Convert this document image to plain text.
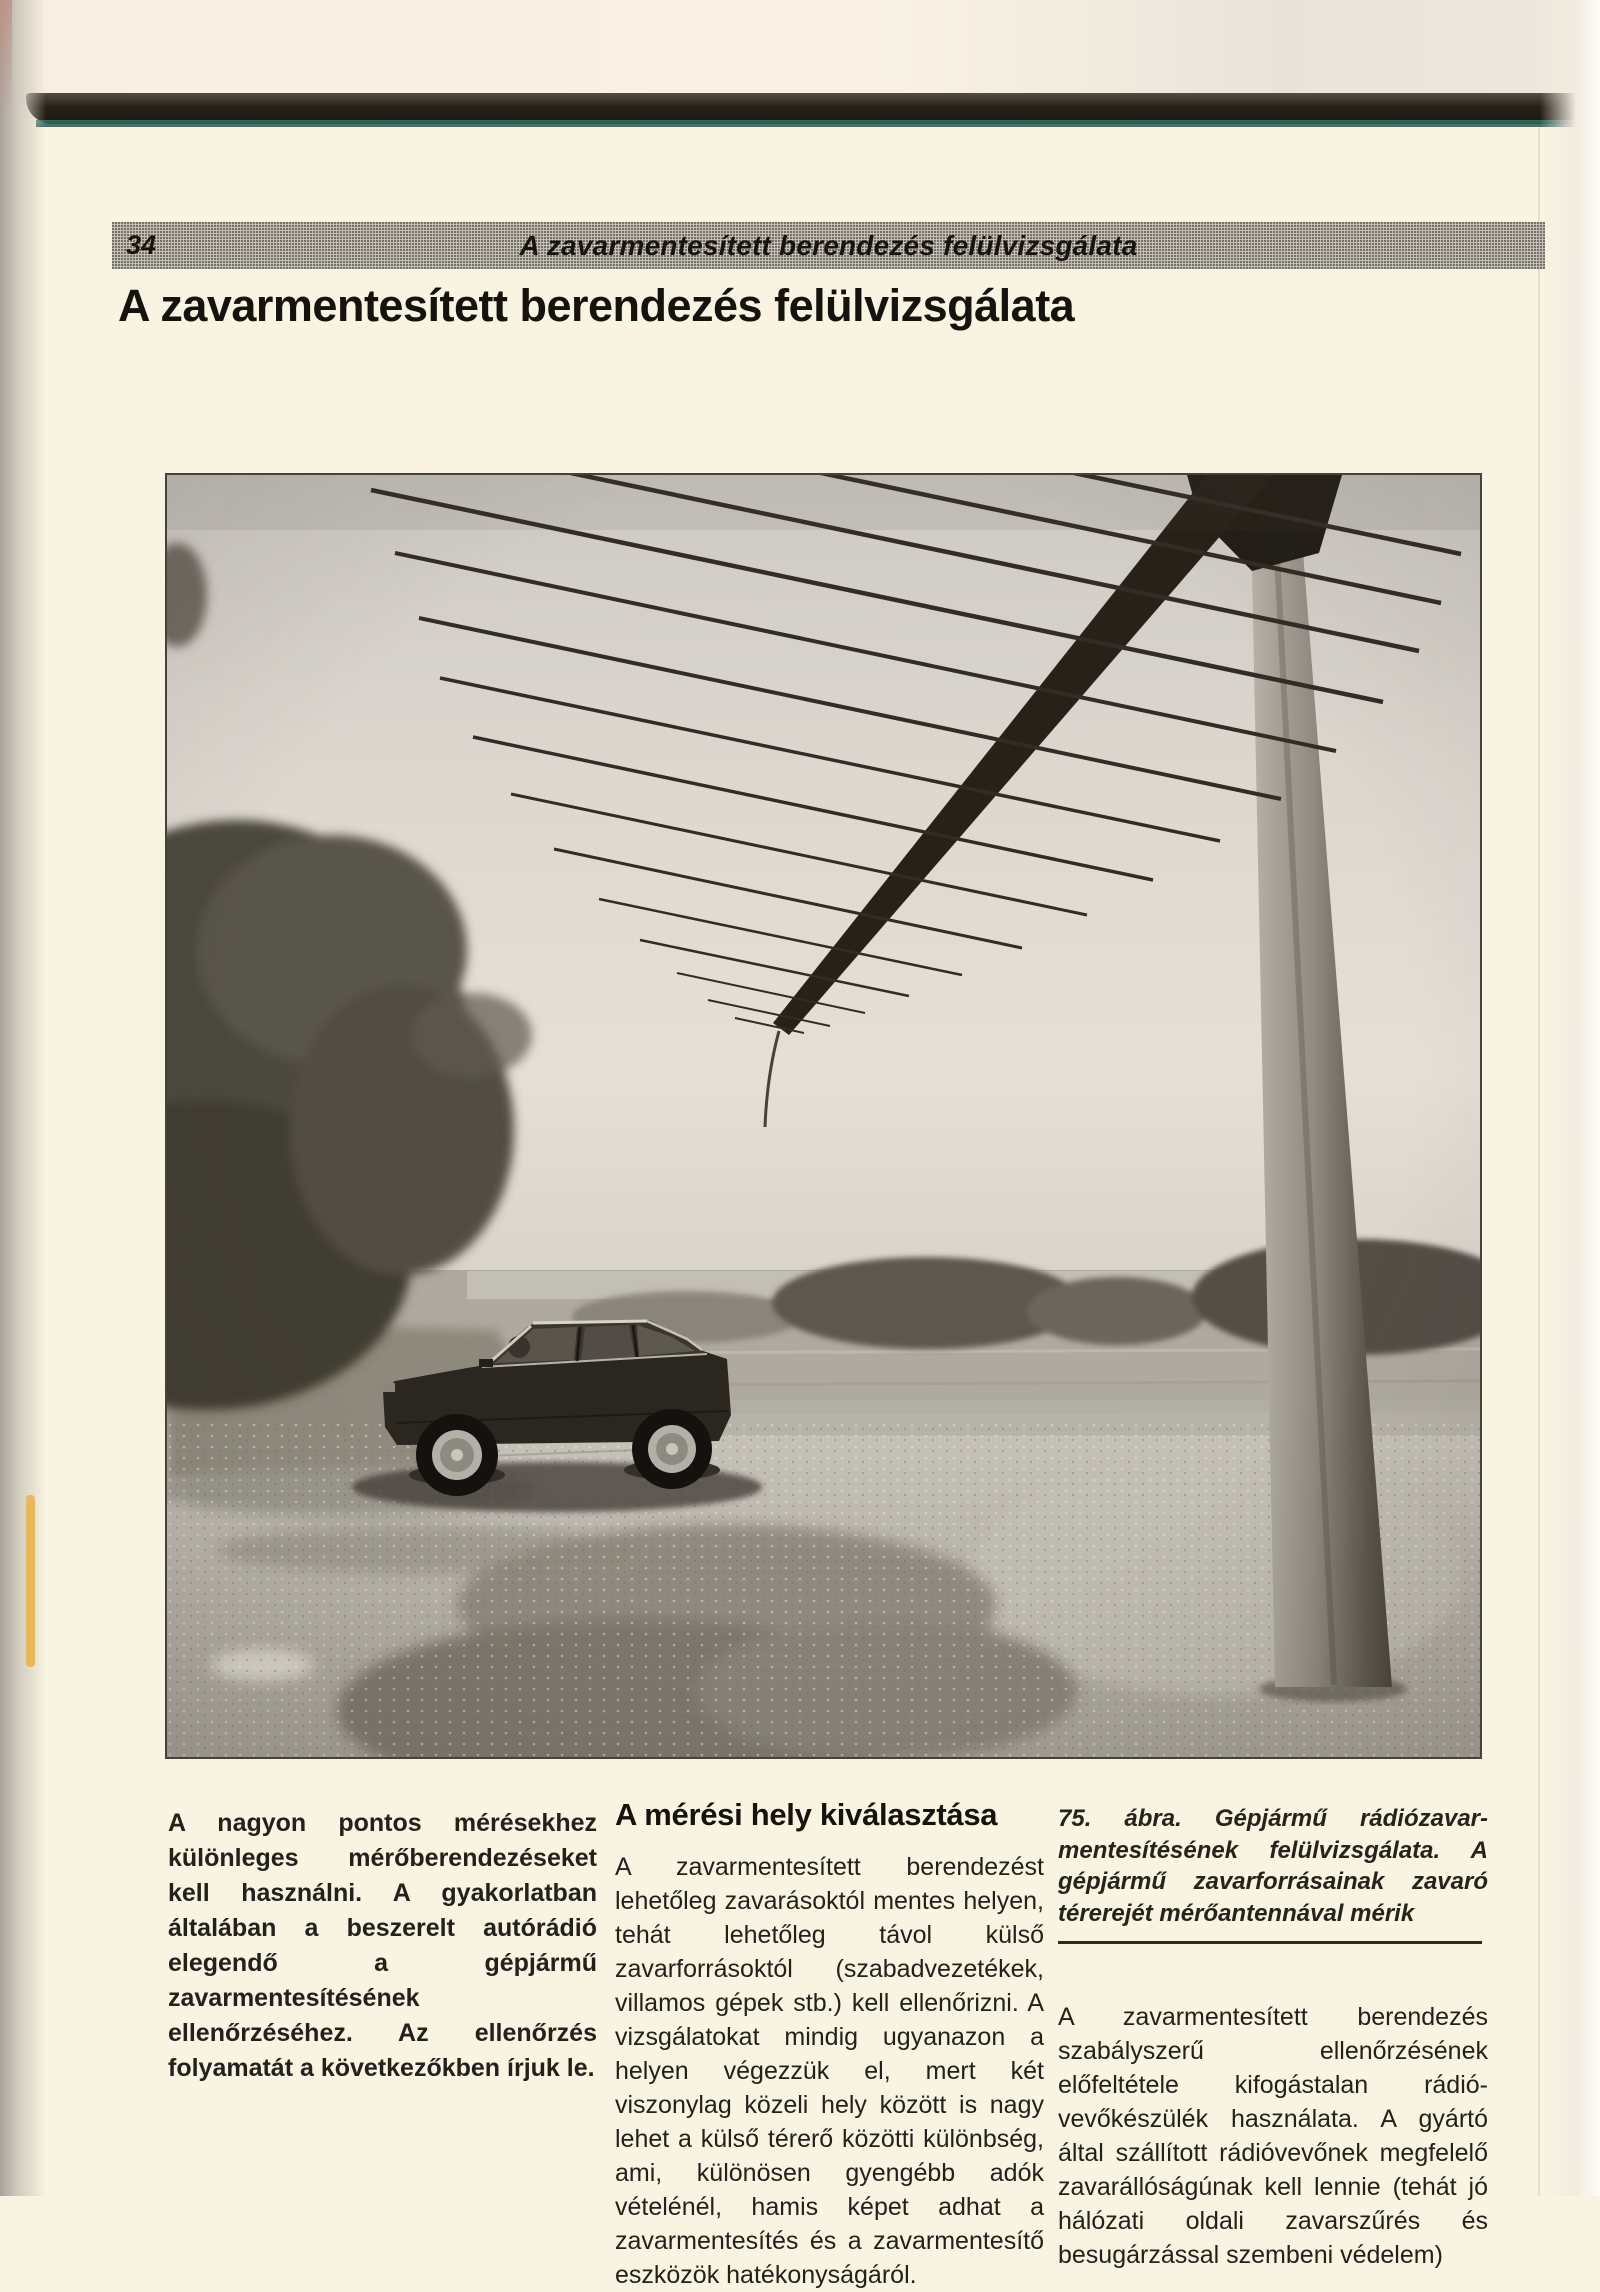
34	A zavarmentesített berendezés felülvizsgálata
A zavarmentesített berendezés felülvizsgálata
A nagyon pontos mérésekhez különleges mérőberendezéseket kell használni. A gyakorlatban általában a beszerelt autórádió elegendő a gépjármű zavarmentesítésének ellenőrzéséhez. Az ellenőrzés folyamatát a következőkben írjuk le.
A mérési hely kiválasztása

A zavarmentesített berendezést lehetőleg zavarásoktól mentes helyen, tehát lehetőleg távol külső zavarforrásoktól (szabadvezetékek, villamos gépek stb.) kell ellenőrizni. A vizsgálatokat mindig ugyanazon a helyen végezzük el, mert két viszonylag közeli hely között is nagy lehet a külső térerő közötti különbség, ami, különösen gyengébb adók vételénél, hamis képet adhat a zavarmentesítés és a zavarmentesítő eszközök hatékonyságáról.

75. ábra. Gépjármű rádiózavar-mentesítésének felülvizsgálata. A gépjármű zavarforrásainak zavaró térerejét mérőantennával mérik

A zavarmentesített berendezés szabályszerű ellenőrzésének előfeltétele kifogástalan rádió-vevőkészülék használata. A gyártó által szállított rádióvevőnek megfelelő zavarállóságúnak kell lennie (tehát jó hálózati oldali zavarszűrés és besugárzással szembeni védelem)
